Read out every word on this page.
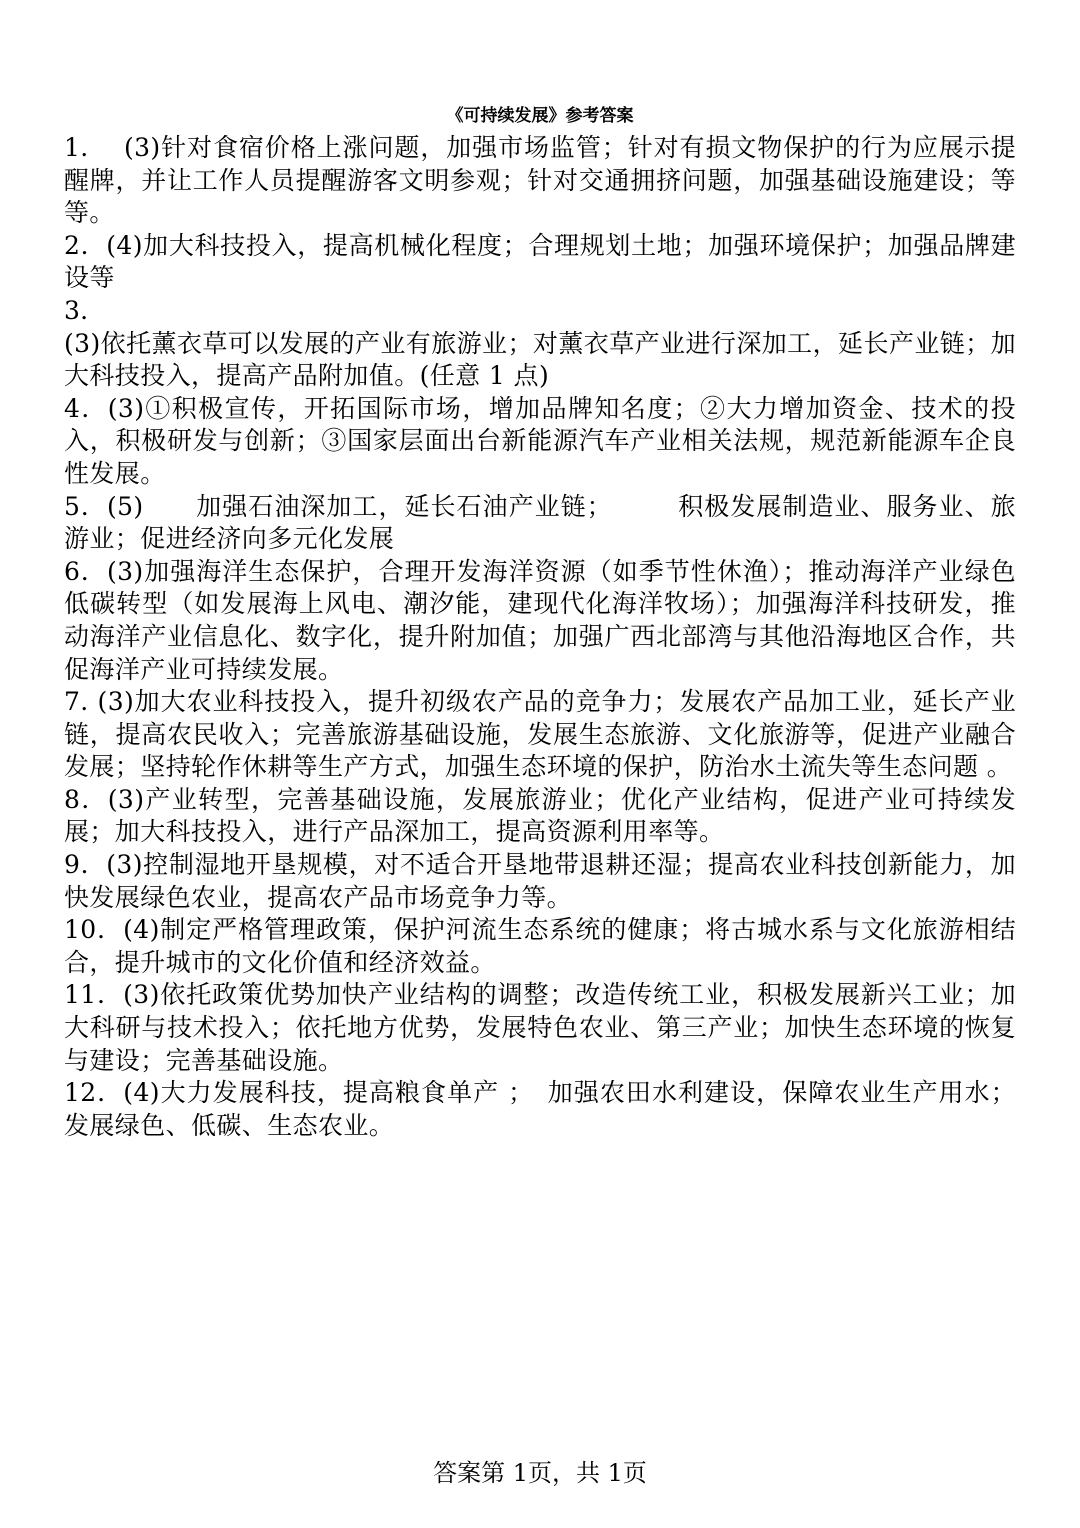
《可持续发展》参考答案

1.　 (3)针对食宿价格上涨问题，加强市场监管；针对有损文物保护的行为应展示提醒牌，并让工作人员提醒游客文明参观；针对交通拥挤问题，加强基础设施建设；等等。

2．(4)加大科技投入，提高机械化程度；合理规划土地；加强环境保护；加强品牌建设等

3．

(3)依托薰衣草可以发展的产业有旅游业；对薰衣草产业进行深加工，延长产业链；加大科技投入，提高产品附加值。(任意 1 点)

4．(3)①积极宣传，开拓国际市场，增加品牌知名度；②大力增加资金、技术的投入，积极研发与创新；③国家层面出台新能源汽车产业相关法规，规范新能源车企良性发展。

5．(5)　　加强石油深加工，延长石油产业链；　　　积极发展制造业、服务业、旅游业；促进经济向多元化发展

6．(3)加强海洋生态保护，合理开发海洋资源（如季节性休渔）；推动海洋产业绿色低碳转型（如发展海上风电、潮汐能，建现代化海洋牧场）；加强海洋科技研发，推动海洋产业信息化、数字化，提升附加值；加强广西北部湾与其他沿海地区合作，共促海洋产业可持续发展。

7. (3)加大农业科技投入，提升初级农产品的竞争力；发展农产品加工业，延长产业链，提高农民收入；完善旅游基础设施，发展生态旅游、文化旅游等，促进产业融合发展；坚持轮作休耕等生产方式，加强生态环境的保护，防治水土流失等生态问题 。

8．(3)产业转型，完善基础设施，发展旅游业；优化产业结构，促进产业可持续发展；加大科技投入，进行产品深加工，提高资源利用率等。

9．(3)控制湿地开垦规模，对不适合开垦地带退耕还湿；提高农业科技创新能力，加快发展绿色农业，提高农产品市场竞争力等。

10．(4)制定严格管理政策，保护河流生态系统的健康；将古城水系与文化旅游相结合，提升城市的文化价值和经济效益。

11．(3)依托政策优势加快产业结构的调整；改造传统工业，积极发展新兴工业；加大科研与技术投入；依托地方优势，发展特色农业、第三产业；加快生态环境的恢复与建设；完善基础设施。

12．(4)大力发展科技，提高粮食单产 ；　加强农田水利建设，保障农业生产用水；发展绿色、低碳、生态农业。

答案第 1页，共 1页
